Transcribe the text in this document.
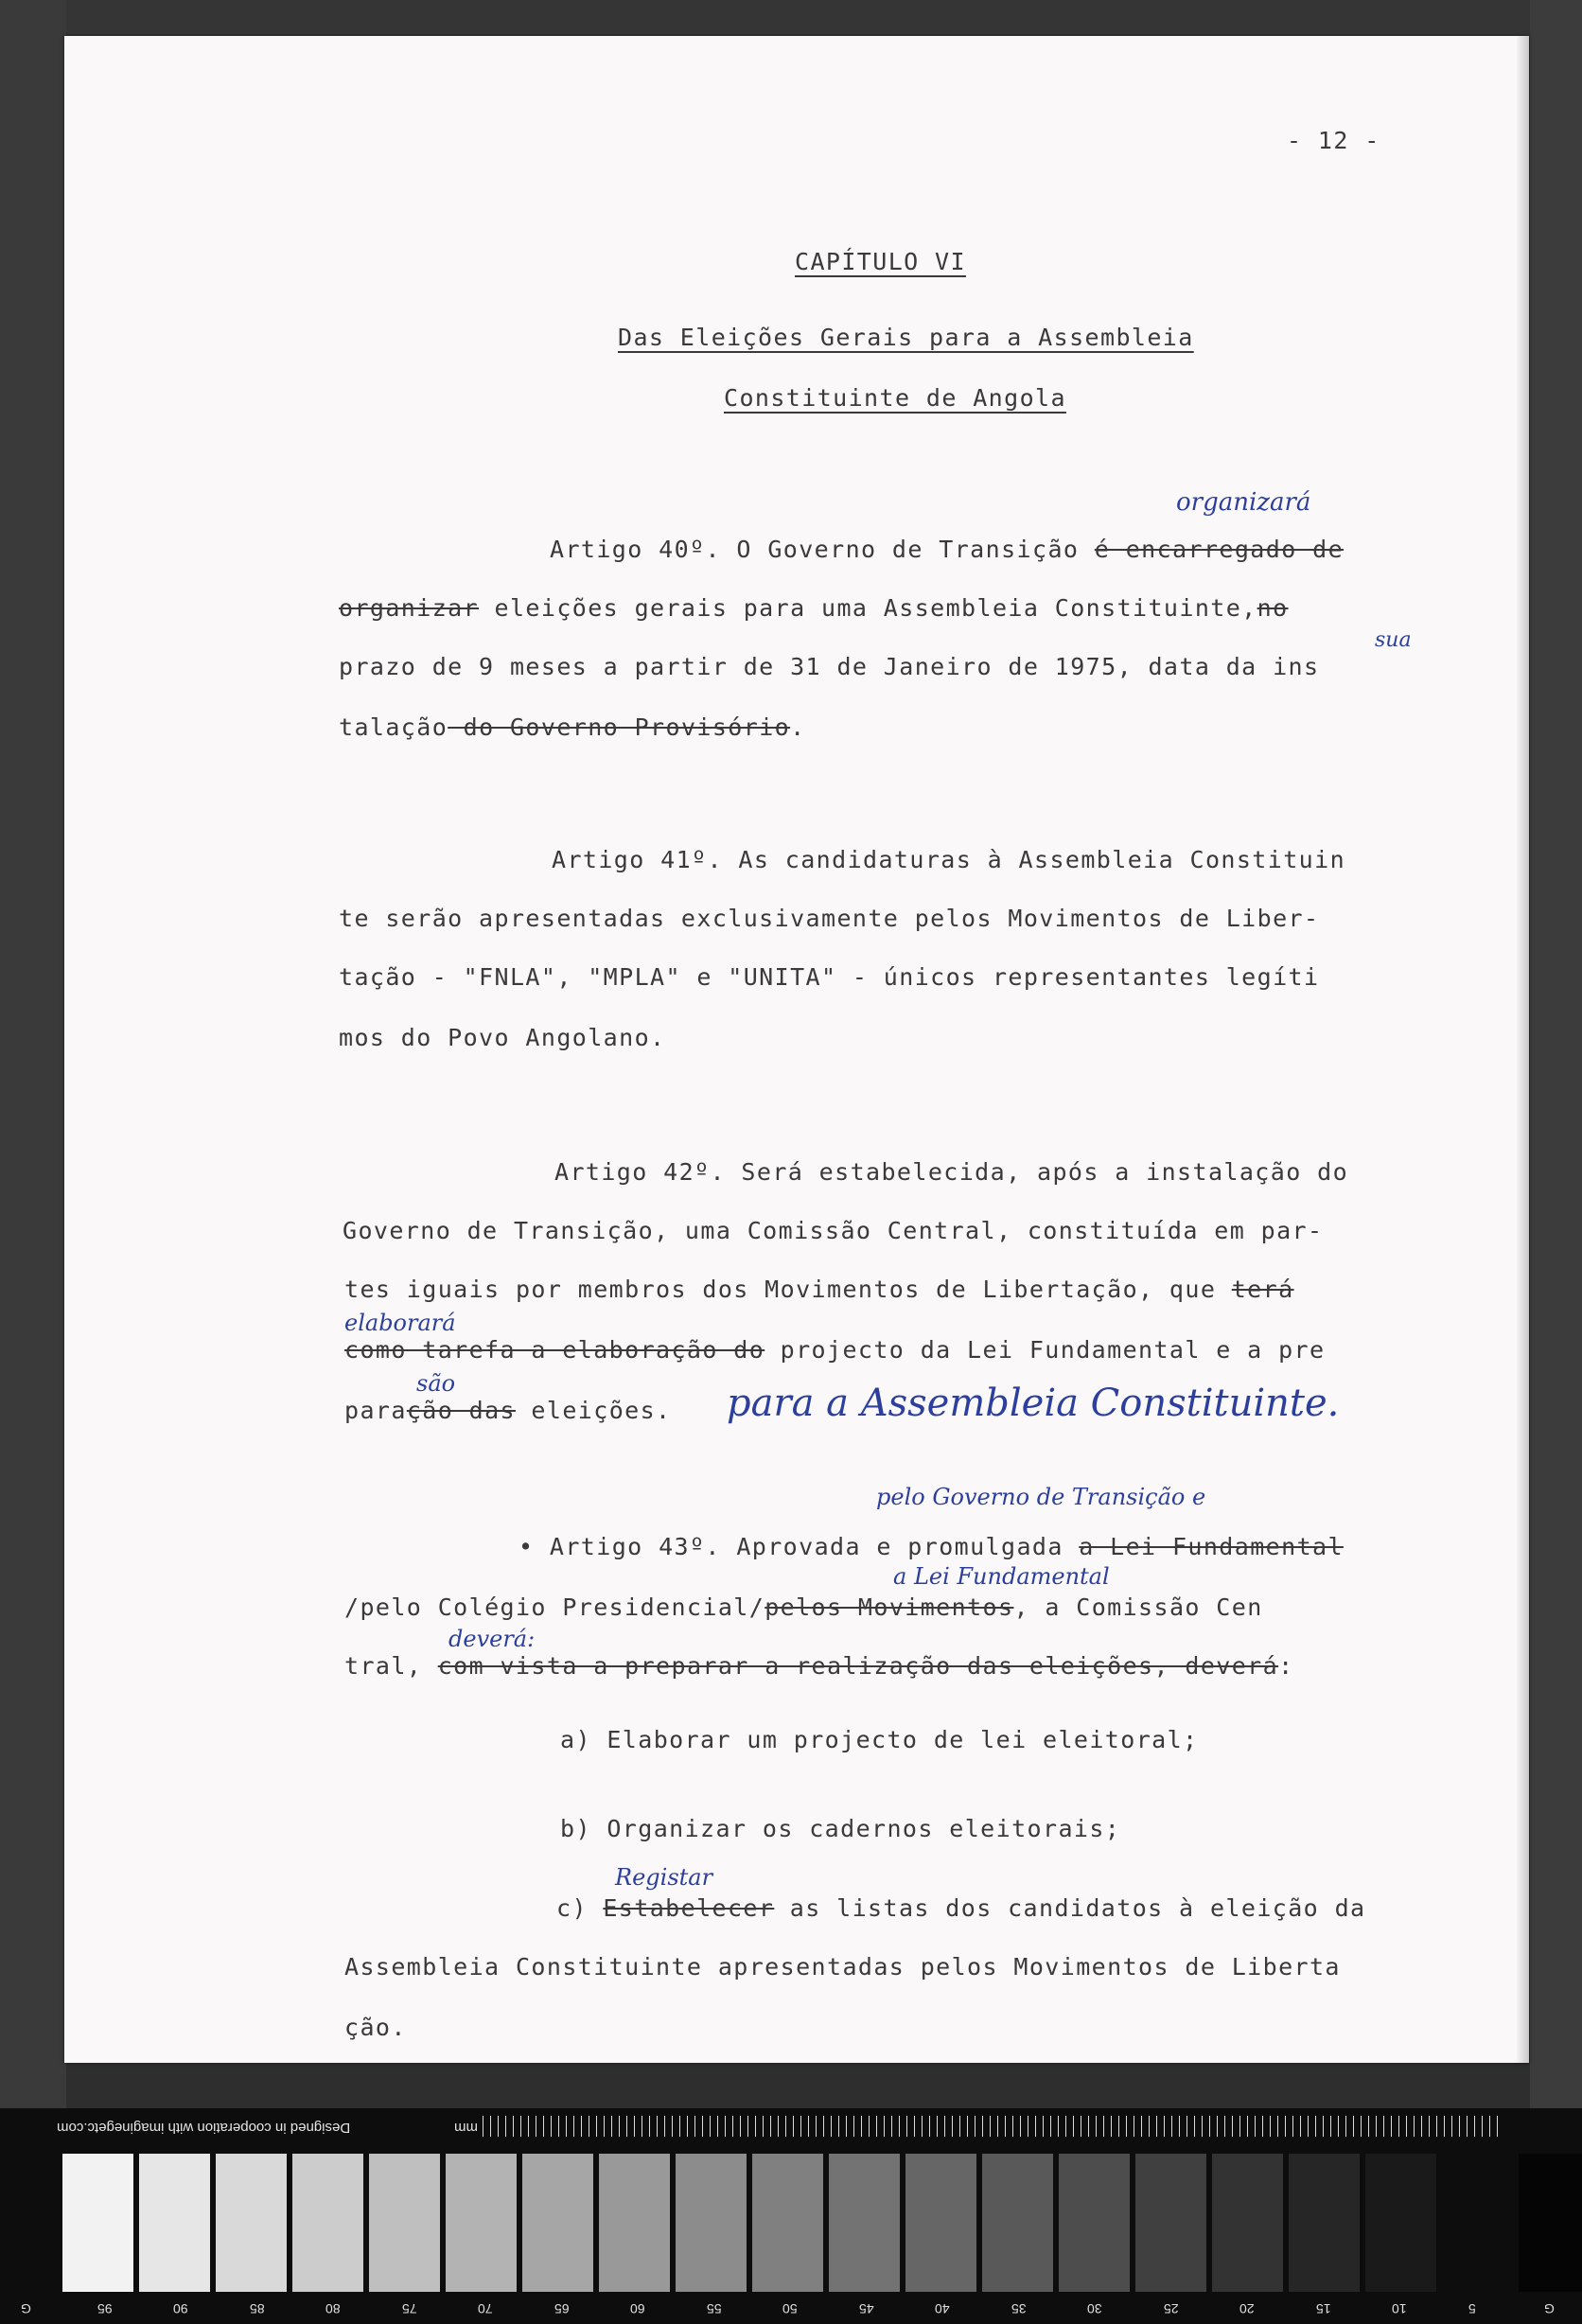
- 12 -
CAPÍTULO VI
Das Eleições Gerais para a Assembleia
Constituinte de Angola
organizará
Artigo 40º. O Governo de Transição é encarregado de
organizar eleições gerais para uma Assembleia Constituinte,no
sua
prazo de 9 meses a partir de 31 de Janeiro de 1975, data da ins
talação do Governo Provisório.
Artigo 41º. As candidaturas à Assembleia Constituin
te serão apresentadas exclusivamente pelos Movimentos de Liber-
tação - "FNLA", "MPLA" e "UNITA" - únicos representantes legíti
mos do Povo Angolano.
Artigo 42º. Será estabelecida, após a instalação do
Governo de Transição, uma Comissão Central, constituída em par-
tes iguais por membros dos Movimentos de Libertação, que terá
elaborará
como tarefa a elaboração do projecto da Lei Fundamental e a pre
são
paração das eleições. para a Assembleia Constituinte.
pelo Governo de Transição e
• Artigo 43º. Aprovada e promulgada a Lei Fundamental
a Lei Fundamental
/pelo Colégio Presidencial/pelos Movimentos, a Comissão Cen
deverá:
tral, com vista a preparar a realização das eleições, deverá:
a) Elaborar um projecto de lei eleitoral;
b) Organizar os cadernos eleitorais;
Registar
c) Estabelecer as listas dos candidatos à eleição da
Assembleia Constituinte apresentadas pelos Movimentos de Liberta
ção.
Designed in cooperation with imaginegetc.com	mm
G	95	90	85	80	75	70	65	60	55	50	45	40	35	30	25	20	15	10	5	G
